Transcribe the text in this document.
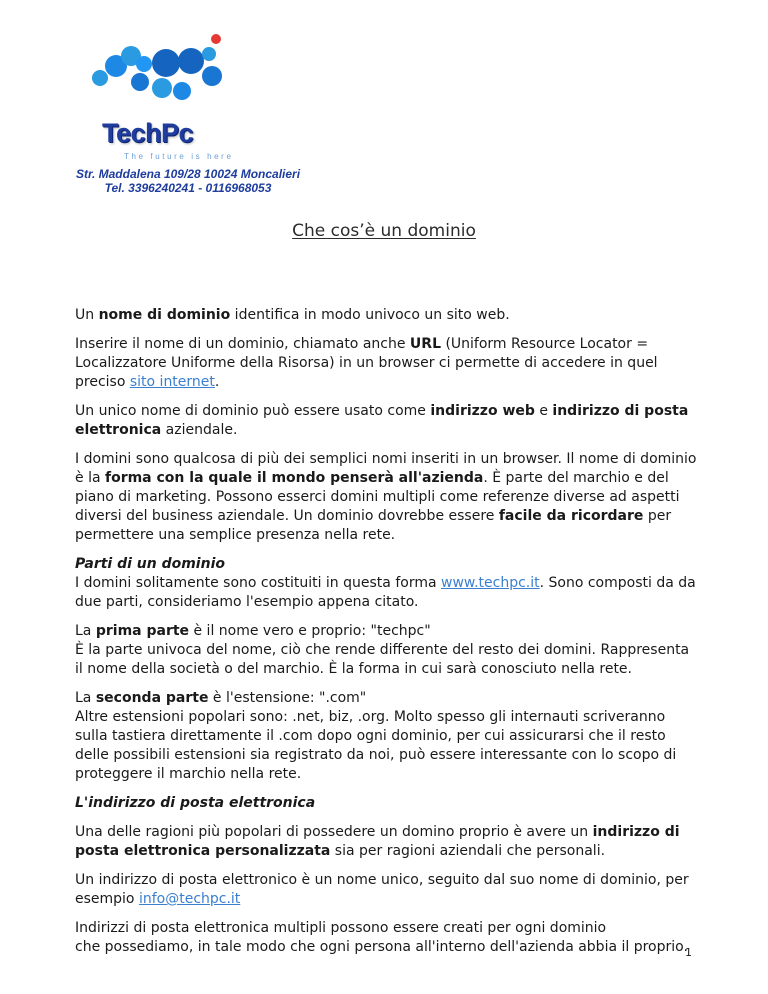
TechPc
The future is here
Str. Maddalena 109/28 10024 Moncalieri
Tel. 3396240241 - 0116968053
Che cos’è un dominio

Un nome di dominio identifica in modo univoco un sito web.

Inserire il nome di un dominio, chiamato anche URL (Uniform Resource Locator = Localizzatore Uniforme della Risorsa) in un browser ci permette di accedere in quel preciso sito internet.

Un unico nome di dominio può essere usato come indirizzo web e indirizzo di posta elettronica aziendale.

I domini sono qualcosa di più dei semplici nomi inseriti in un browser. Il nome di dominio è la forma con la quale il mondo penserà all'azienda. È parte del marchio e del piano di marketing. Possono esserci domini multipli come referenze diverse ad aspetti diversi del business aziendale. Un dominio dovrebbe essere facile da ricordare per permettere una semplice presenza nella rete.

Parti di un dominio
I domini solitamente sono costituiti in questa forma www.techpc.it. Sono composti da da due parti, consideriamo l'esempio appena citato.

La prima parte è il nome vero e proprio: "techpc"
È la parte univoca del nome, ciò che rende differente del resto dei domini. Rappresenta il nome della società o del marchio. È la forma in cui sarà conosciuto nella rete.

La seconda parte è l'estensione: ".com"
Altre estensioni popolari sono: .net, biz, .org. Molto spesso gli internauti scriveranno sulla tastiera direttamente il .com dopo ogni dominio, per cui assicurarsi che il resto delle possibili estensioni sia registrato da noi, può essere interessante con lo scopo di proteggere il marchio nella rete.

L'indirizzo di posta elettronica

Una delle ragioni più popolari di possedere un domino proprio è avere un indirizzo di posta elettronica personalizzata sia per ragioni aziendali che personali.

Un indirizzo di posta elettronico è un nome unico, seguito dal suo nome di dominio, per esempio info@techpc.it

Indirizzi di posta elettronica multipli possono essere creati per ogni dominio
che possediamo, in tale modo che ogni persona all'interno dell'azienda abbia il proprio.

1
